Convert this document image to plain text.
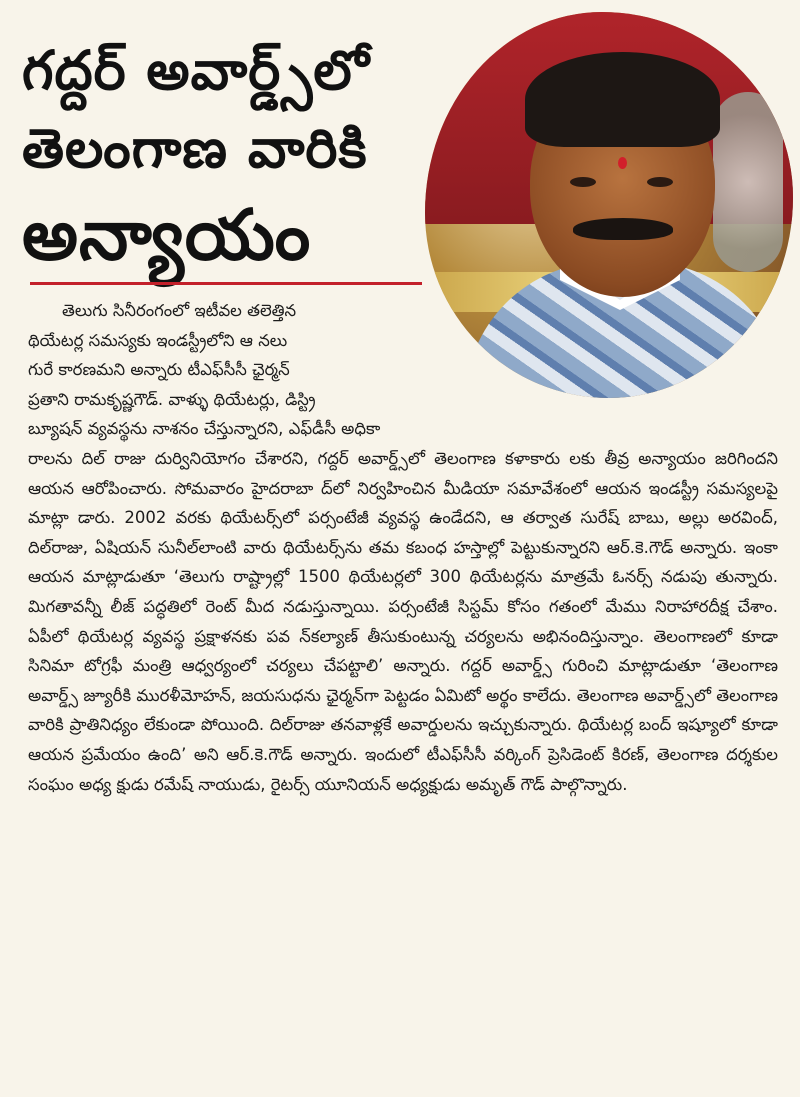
గద్దర్ అవార్డ్స్‌లో
తెలంగాణ వారికి
అన్యాయం

తెలుగు సినీరంగంలో ఇటీవల తలెత్తిన

థియేటర్ల సమస్యకు ఇండస్ట్రీలోని ఆ నలు

గురే కారణమని అన్నారు టీఎఫ్‌సీసీ ఛైర్మన్

ప్రతాని రామకృష్ణగౌడ్. వాళ్ళు థియేటర్లు, డిస్ట్రి

బ్యూషన్ వ్యవస్థను నాశనం చేస్తున్నారని, ఎఫ్‌డీసీ అధికా

రాలను దిల్ రాజు దుర్వినియోగం చేశారని, గద్దర్ అవార్డ్స్‌లో తెలంగాణ కళాకారు లకు తీవ్ర అన్యాయం జరిగిందని ఆయన ఆరోపించారు. సోమవారం హైదరాబా ద్‌లో నిర్వహించిన మీడియా సమావేశంలో ఆయన ఇండస్ట్రీ సమస్యలపై మాట్లా డారు. 2002 వరకు థియేటర్స్‌లో పర్సంటేజీ వ్యవస్థ ఉండేదని, ఆ తర్వాత సురేష్ బాబు, అల్లు అరవింద్, దిల్‌రాజు, ఏషియన్ సునీల్‌లాంటి వారు థియేటర్స్‌ను తమ కబంధ హస్తాల్లో పెట్టుకున్నారని ఆర్.కె.గౌడ్ అన్నారు. ఇంకా ఆయన మాట్లాడుతూ ‘తెలుగు రాష్ట్రాల్లో 1500 థియేటర్లలో 300 థియేటర్లను మాత్రమే ఓనర్స్ నడుపు తున్నారు. మిగతావన్నీ లీజ్ పద్ధతిలో రెంట్ మీద నడుస్తున్నాయి. పర్సంటేజీ సిస్టమ్ కోసం గతంలో మేము నిరాహారదీక్ష చేశాం. ఏపీలో థియేటర్ల వ్యవస్థ ప్రక్షాళనకు పవ న్‌కల్యాణ్ తీసుకుంటున్న చర్యలను అభినందిస్తున్నాం. తెలంగాణలో కూడా సినిమా టోగ్రఫీ మంత్రి ఆధ్వర్యంలో చర్యలు చేపట్టాలి’ అన్నారు. గద్దర్ అవార్డ్స్ గురించి మాట్లాడుతూ ‘తెలంగాణ అవార్డ్స్ జ్యూరీకి మురళీమోహన్, జయసుధను ఛైర్మన్‌గా పెట్టడం ఏమిటో అర్థం కాలేదు. తెలంగాణ అవార్డ్స్‌లో తెలంగాణ వారికి ప్రాతినిధ్యం లేకుండా పోయింది. దిల్‌రాజు తనవాళ్లకే అవార్డులను ఇచ్చుకున్నారు. థియేటర్ల బంద్ ఇష్యూలో కూడా ఆయన ప్రమేయం ఉంది’ అని ఆర్.కె.గౌడ్ అన్నారు. ఇందులో టీఎఫ్‌సీసీ వర్కింగ్ ప్రెసిడెంట్ కిరణ్, తెలంగాణ దర్శకుల సంఘం అధ్య క్షుడు రమేష్ నాయుడు, రైటర్స్ యూనియన్ అధ్యక్షుడు అమృత్ గౌడ్ పాల్గొన్నారు.
